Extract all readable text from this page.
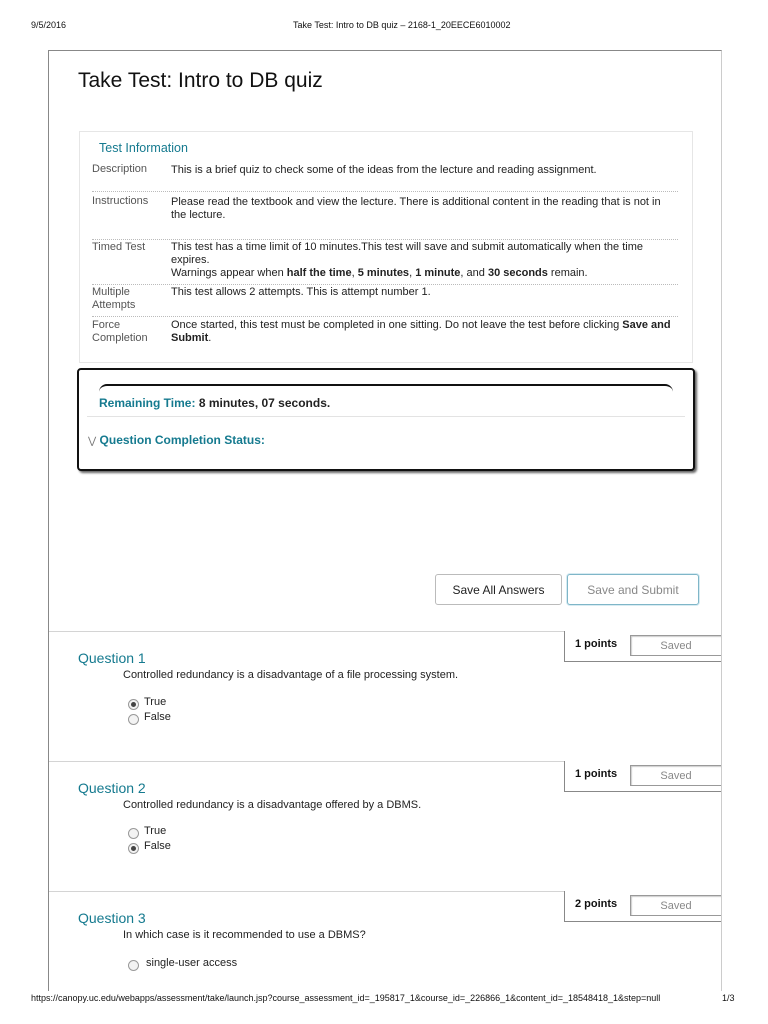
9/5/2016	Take Test: Intro to DB quiz – 2168-1_20EECE6010002
Take Test: Intro to DB quiz
Test Information
Description This is a brief quiz to check some of the ideas from the lecture and reading assignment.
Instructions Please read the textbook and view the lecture. There is additional content in the reading that is not in the lecture.
Timed Test This test has a time limit of 10 minutes.This test will save and submit automatically when the time expires.
Warnings appear when half the time, 5 minutes, 1 minute, and 30 seconds remain.
Multiple
Attempts
This test allows 2 attempts. This is attempt number 1.
Force
Completion
Once started, this test must be completed in one sitting. Do not leave the test before clicking Save and Submit.
Remaining Time: 8 minutes, 07 seconds.
⋁ Question Completion Status:
Save All Answers	Save and Submit
1 points	Saved
Question 1
Controlled redundancy is a disadvantage of a file processing system.
True
False
1 points	Saved
Question 2
Controlled redundancy is a disadvantage offered by a DBMS.
True
False
2 points	Saved
Question 3
In which case is it recommended to use a DBMS?
single-user access
https://canopy.uc.edu/webapps/assessment/take/launch.jsp?course_assessment_id=_195817_1&course_id=_226866_1&content_id=_18548418_1&step=null	1/3
